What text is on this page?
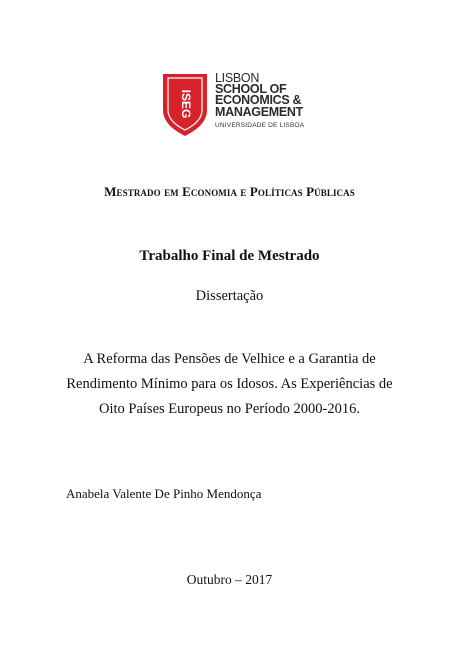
ISEG
LISBON
SCHOOL OF
ECONOMICS &
MANAGEMENT
UNIVERSIDADE DE LISBOA
Mestrado em Economia e Políticas Públicas
Trabalho Final de Mestrado
Dissertação
A Reforma das Pensões de Velhice e a Garantia de
Rendimento Mínimo para os Idosos. As Experiências de
Oito Países Europeus no Período 2000-2016.
Anabela Valente De Pinho Mendonça
Outubro – 2017
